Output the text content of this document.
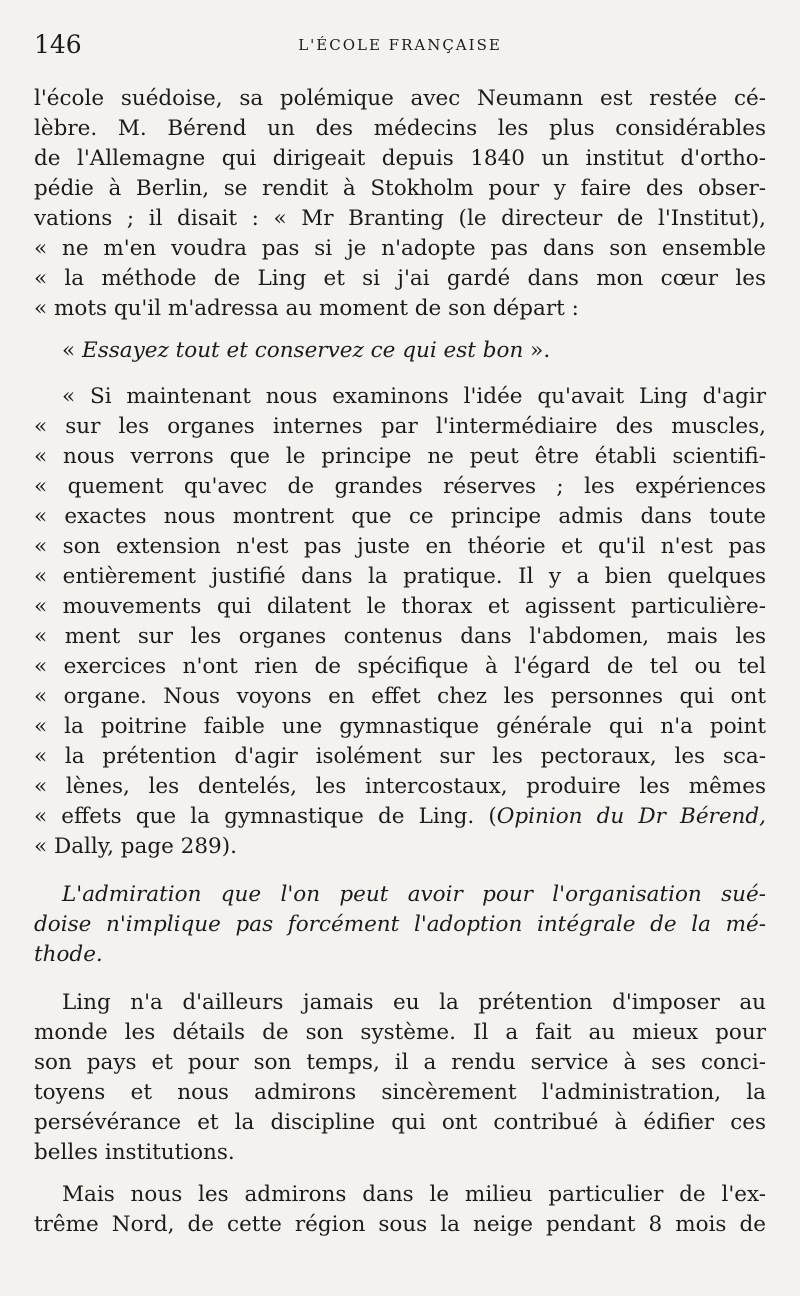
146	L'ÉCOLE FRANÇAISE
l'école suédoise, sa polémique avec Neumann est restée cé-
lèbre. M. Bérend un des médecins les plus considérables
de l'Allemagne qui dirigeait depuis 1840 un institut d'ortho-
pédie à Berlin, se rendit à Stokholm pour y faire des obser-
vations ; il disait : « Mr Branting (le directeur de l'Institut),
« ne m'en voudra pas si je n'adopte pas dans son ensemble
« la méthode de Ling et si j'ai gardé dans mon cœur les
« mots qu'il m'adressa au moment de son départ :
« Essayez tout et conservez ce qui est bon ».
« Si maintenant nous examinons l'idée qu'avait Ling d'agir
« sur les organes internes par l'intermédiaire des muscles,
« nous verrons que le principe ne peut être établi scientifi-
« quement qu'avec de grandes réserves ; les expériences
« exactes nous montrent que ce principe admis dans toute
« son extension n'est pas juste en théorie et qu'il n'est pas
« entièrement justifié dans la pratique. Il y a bien quelques
« mouvements qui dilatent le thorax et agissent particulière-
« ment sur les organes contenus dans l'abdomen, mais les
« exercices n'ont rien de spécifique à l'égard de tel ou tel
« organe. Nous voyons en effet chez les personnes qui ont
« la poitrine faible une gymnastique générale qui n'a point
« la prétention d'agir isolément sur les pectoraux, les sca-
« lènes, les dentelés, les intercostaux, produire les mêmes
« effets que la gymnastique de Ling. (Opinion du Dr Bérend,
« Dally, page 289).
L'admiration que l'on peut avoir pour l'organisation sué-
doise n'implique pas forcément l'adoption intégrale de la mé-
thode.
Ling n'a d'ailleurs jamais eu la prétention d'imposer au
monde les détails de son système. Il a fait au mieux pour
son pays et pour son temps, il a rendu service à ses conci-
toyens et nous admirons sincèrement l'administration, la
persévérance et la discipline qui ont contribué à édifier ces
belles institutions.
Mais nous les admirons dans le milieu particulier de l'ex-
trême Nord, de cette région sous la neige pendant 8 mois de
